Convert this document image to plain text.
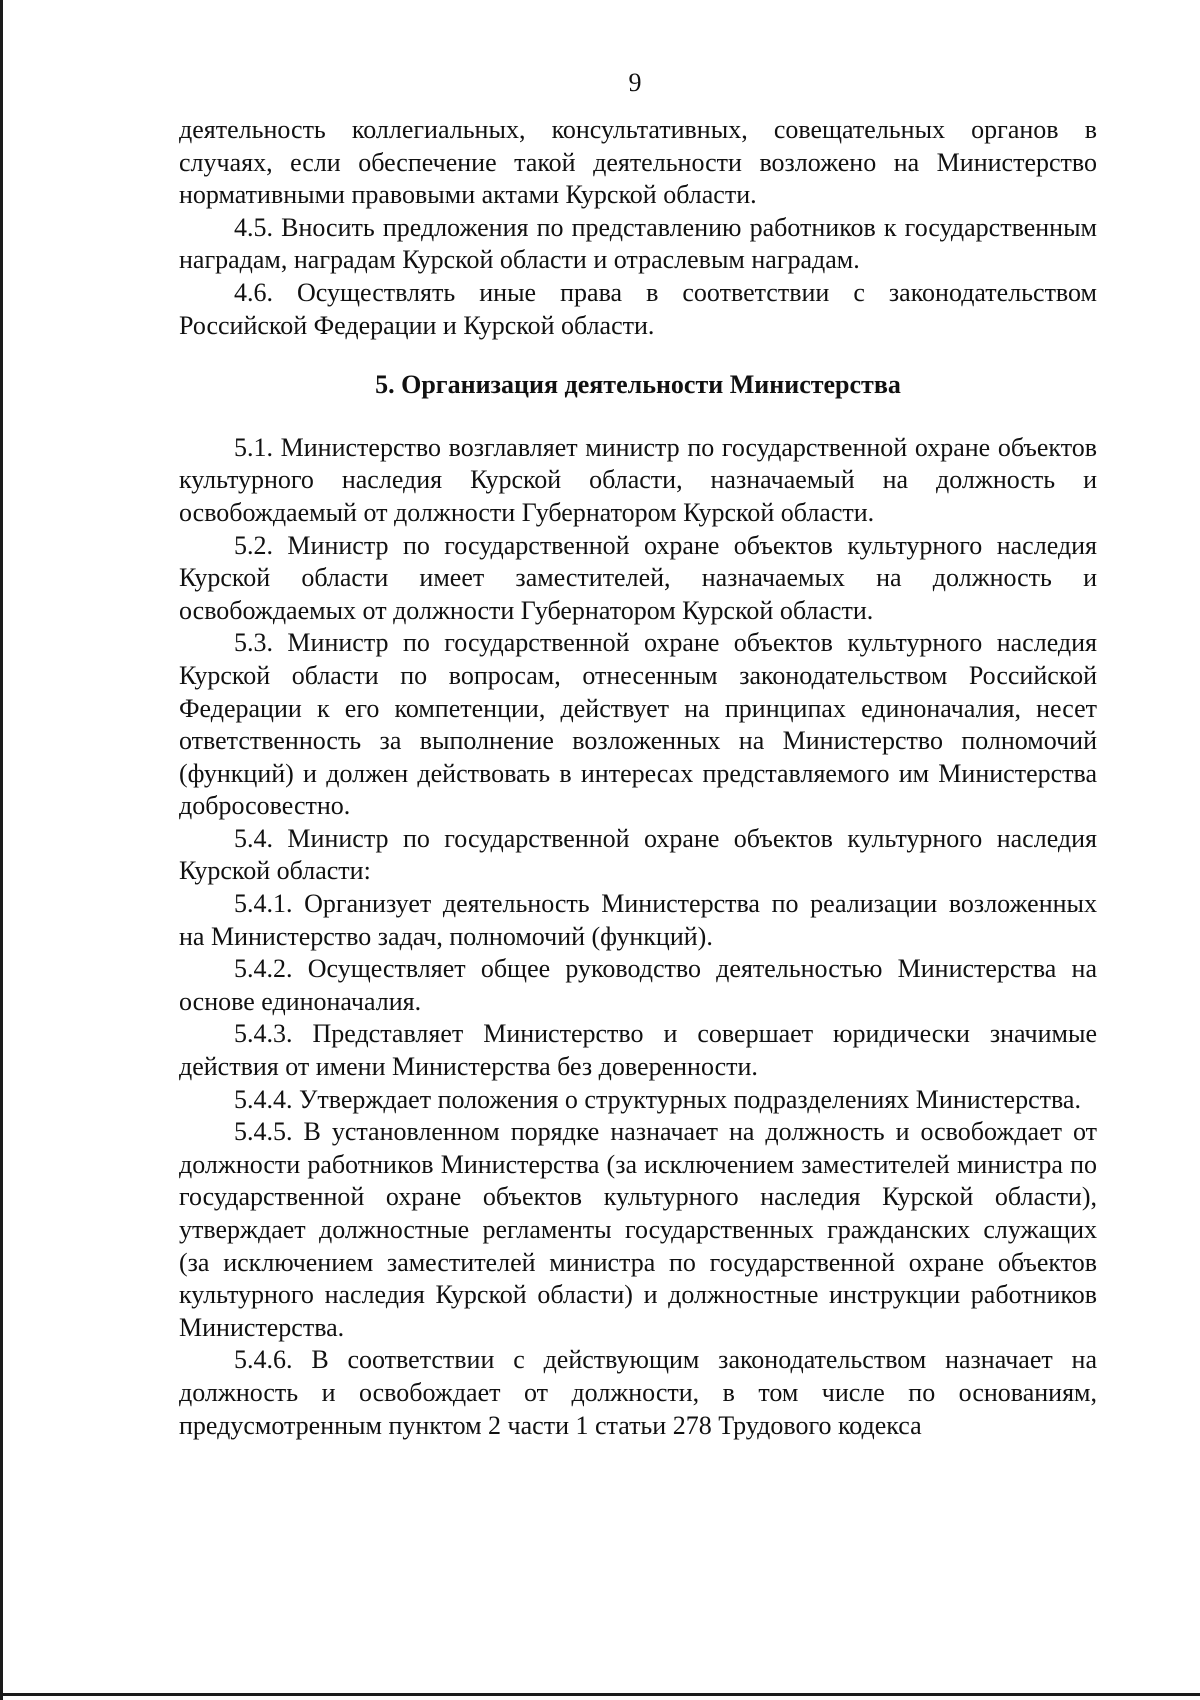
9

деятельность коллегиальных, консультативных, совещательных органов в случаях, если обеспечение такой деятельности возложено на Министерство нормативными правовыми актами Курской области.

4.5. Вносить предложения по представлению работников к государственным наградам, наградам Курской области и отраслевым наградам.

4.6. Осуществлять иные права в соответствии с законодательством Российской Федерации и Курской области.

5. Организация деятельности Министерства

5.1. Министерство возглавляет министр по государственной охране объектов культурного наследия Курской области, назначаемый на должность и освобождаемый от должности Губернатором Курской области.

5.2. Министр по государственной охране объектов культурного наследия Курской области имеет заместителей, назначаемых на должность и освобождаемых от должности Губернатором Курской области.

5.3. Министр по государственной охране объектов культурного наследия Курской области по вопросам, отнесенным законодательством Российской Федерации к его компетенции, действует на принципах единоначалия, несет ответственность за выполнение возложенных на Министерство полномочий (функций) и должен действовать в интересах представляемого им Министерства добросовестно.

5.4. Министр по государственной охране объектов культурного наследия Курской области:

5.4.1. Организует деятельность Министерства по реализации возложенных на Министерство задач, полномочий (функций).

5.4.2. Осуществляет общее руководство деятельностью Министерства на основе единоначалия.

5.4.3. Представляет Министерство и совершает юридически значимые действия от имени Министерства без доверенности.

5.4.4. Утверждает положения о структурных подразделениях Министерства.

5.4.5. В установленном порядке назначает на должность и освобождает от должности работников Министерства (за исключением заместителей министра по государственной охране объектов культурного наследия Курской области), утверждает должностные регламенты государственных гражданских служащих (за исключением заместителей министра по государственной охране объектов культурного наследия Курской области) и должностные инструкции работников Министерства.

5.4.6. В соответствии с действующим законодательством назначает на должность и освобождает от должности, в том числе по основаниям, предусмотренным пунктом 2 части 1 статьи 278 Трудового кодекса
